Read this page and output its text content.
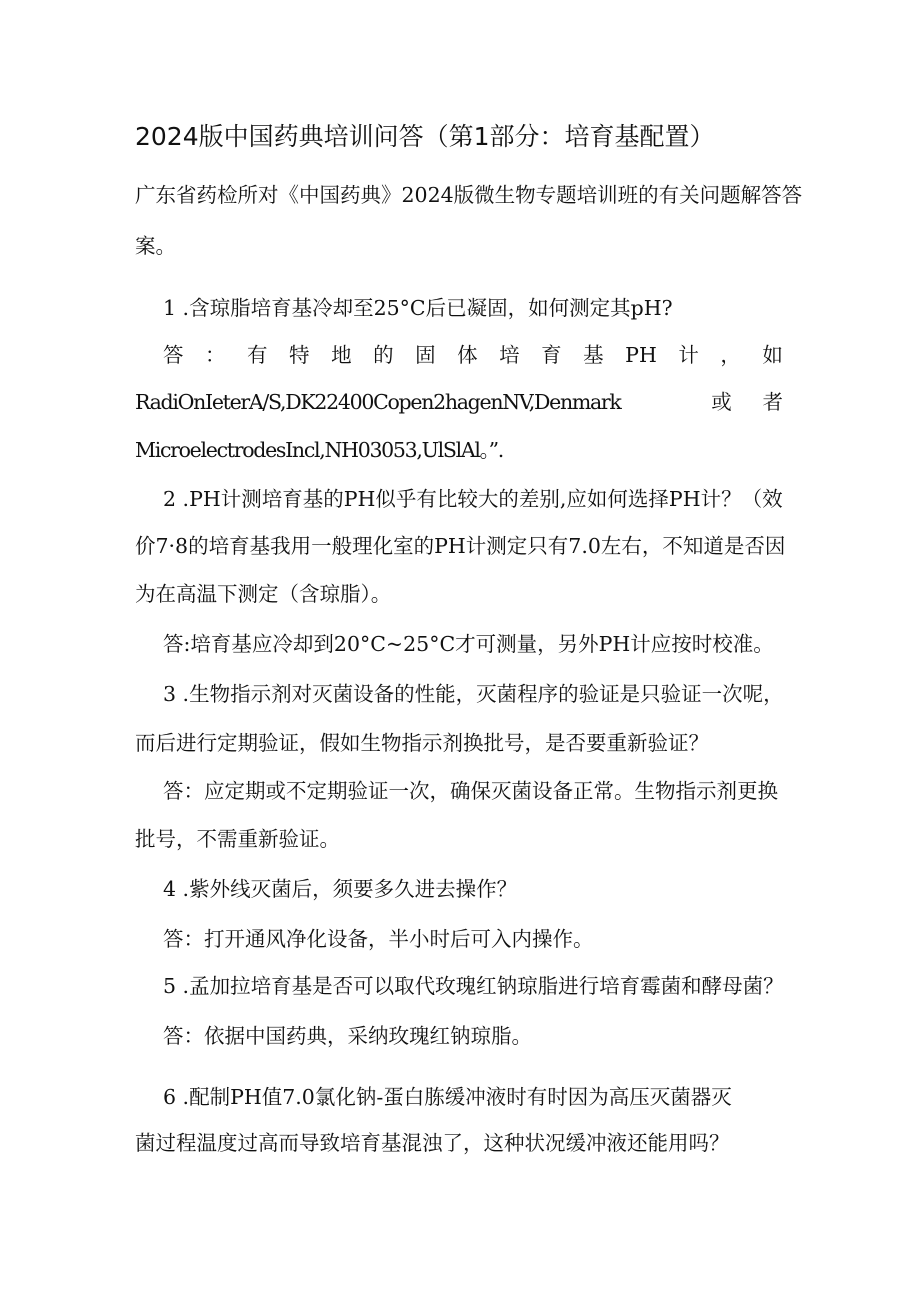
2024版中国药典培训问答（第1部分：培育基配置）
广东省药检所对《中国药典》2024版微生物专题培训班的有关问题解答答
案。
1 .含琼脂培育基冷却至25°C后已凝固，如何测定其pH?
答 ： 有 特 地 的 固 体 培 育 基 PH 计 ， 如
RadiOnIeterA/S,DK22400Copen2hagenNV,Denmark	或 者
MicroelectrodesIncl,NH03053,UlSlAl。”.
2 .PH计测培育基的PH似乎有比较大的差别,应如何选择PH计？（效
价7·8的培育基我用一般理化室的PH计测定只有7.0左右，不知道是否因
为在高温下测定（含琼脂）。
答:培育基应冷却到20°C~25°C才可测量，另外PH计应按时校准。
3 .生物指示剂对灭菌设备的性能，灭菌程序的验证是只验证一次呢，
而后进行定期验证，假如生物指示剂换批号，是否要重新验证？
答：应定期或不定期验证一次，确保灭菌设备正常。生物指示剂更换
批号，不需重新验证。
4 .紫外线灭菌后，须要多久进去操作？
答：打开通风净化设备，半小时后可入内操作。
5 .孟加拉培育基是否可以取代玫瑰红钠琼脂进行培育霉菌和酵母菌？
答：依据中国药典，采纳玫瑰红钠琼脂。
6 .配制PH值7.0氯化钠-蛋白胨缓冲液时有时因为高压灭菌器灭
菌过程温度过高而导致培育基混浊了，这种状况缓冲液还能用吗？
